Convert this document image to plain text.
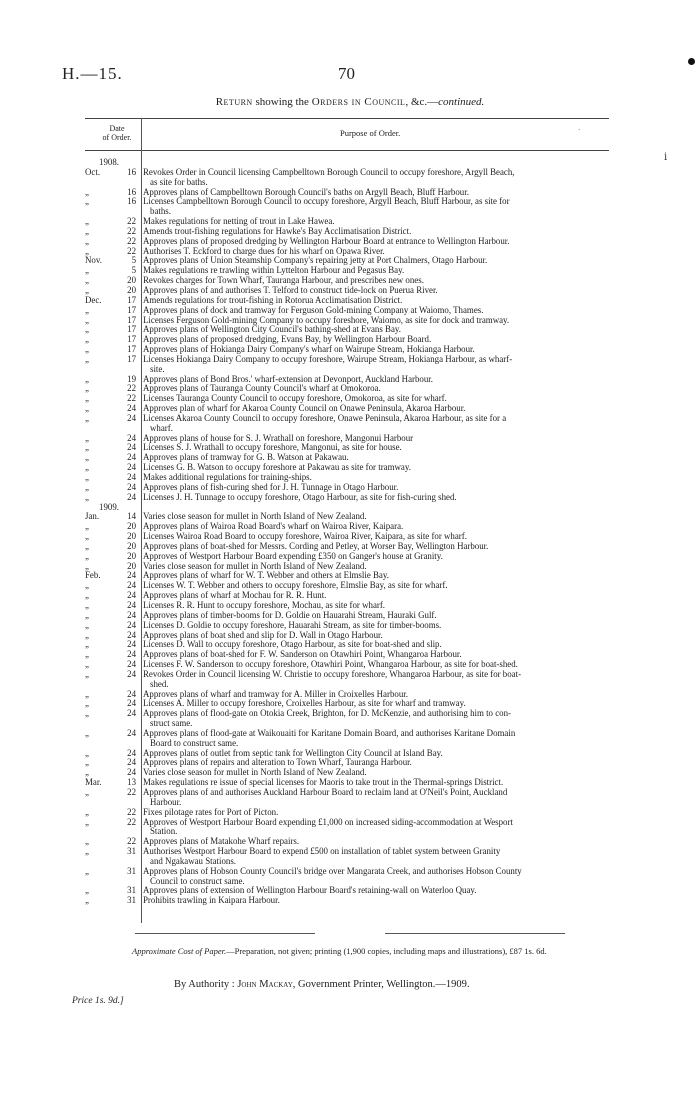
H.—15.	70
Return showing the Orders in Council, &c.—continued.
Date
of Order.	Purpose of Order.	·
ⅰ
1908.
Oct.	16 Revokes Order in Council licensing Campbelltown Borough Council to occupy foreshore, Argyll Beach,
as site for baths.
„	16 Approves plans of Campbelltown Borough Council's baths on Argyll Beach, Bluff Harbour.
„	16 Licenses Campbelltown Borough Council to occupy foreshore, Argyll Beach, Bluff Harbour, as site for
baths.
„	22 Makes regulations for netting of trout in Lake Hawea.
„	22 Amends trout-fishing regulations for Hawke's Bay Acclimatisation District.
„	22 Approves plans of proposed dredging by Wellington Harbour Board at entrance to Wellington Harbour.
„	22 Authorises T. Eckford to charge dues for his wharf on Opawa River.
Nov.	5 Approves plans of Union Steamship Company's repairing jetty at Port Chalmers, Otago Harbour.
„	5 Makes regulations re trawling within Lyttelton Harbour and Pegasus Bay.
„	20 Revokes charges for Town Wharf, Tauranga Harbour, and prescribes new ones.
„	20 Approves plans of and authorises T. Telford to construct tide-lock on Puerua River.
Dec.	17 Amends regulations for trout-fishing in Rotorua Acclimatisation District.
„	17 Approves plans of dock and tramway for Ferguson Gold-mining Company at Waiomo, Thames.
„	17 Licenses Ferguson Gold-mining Company to occupy foreshore, Waiomo, as site for dock and tramway.
„	17 Approves plans of Wellington City Council's bathing-shed at Evans Bay.
„	17 Approves plans of proposed dredging, Evans Bay, by Wellington Harbour Board.
„	17 Approves plans of Hokianga Dairy Company's wharf on Wairupe Stream, Hokianga Harbour.
„	17 Licenses Hokianga Dairy Company to occupy foreshore, Wairupe Stream, Hokianga Harbour, as wharf-
site.
„	19 Approves plans of Bond Bros.' wharf-extension at Devonport, Auckland Harbour.
„	22 Approves plans of Tauranga County Council's wharf at Omokoroa.
„	22 Licenses Tauranga County Council to occupy foreshore, Omokoroa, as site for wharf.
„	24 Approves plan of wharf for Akaroa County Council on Onawe Peninsula, Akaroa Harbour.
„	24 Licenses Akaroa County Council to occupy foreshore, Onawe Peninsula, Akaroa Harbour, as site for a
wharf.
„	24 Approves plans of house for S. J. Wrathall on foreshore, Mangonui Harbour
„	24 Licenses S. J. Wrathall to occupy foreshore, Mangonui, as site for house.
„	24 Approves plans of tramway for G. B. Watson at Pakawau.
„	24 Licenses G. B. Watson to occupy foreshore at Pakawau as site for tramway.
„	24 Makes additional regulations for training-ships.
„	24 Approves plans of fish-curing shed for J. H. Tunnage in Otago Harbour.
„	24 Licenses J. H. Tunnage to occupy foreshore, Otago Harbour, as site for fish-curing shed.
1909.
Jan.	14 Varies close season for mullet in North Island of New Zealand.
„	20 Approves plans of Wairoa Road Board's wharf on Wairoa River, Kaipara.
„	20 Licenses Wairoa Road Board to occupy foreshore, Wairoa River, Kaipara, as site for wharf.
„	20 Approves plans of boat-shed for Messrs. Cording and Petley, at Worser Bay, Wellington Harbour.
„	20 Approves of Westport Harbour Board expending £350 on Ganger's house at Granity.
„	20 Varies close season for mullet in North Island of New Zealand.
Feb.	24 Approves plans of wharf for W. T. Webber and others at Elmslie Bay.
„	24 Licenses W. T. Webber and others to occupy foreshore, Elmslie Bay, as site for wharf.
„	24 Approves plans of wharf at Mochau for R. R. Hunt.
„	24 Licenses R. R. Hunt to occupy foreshore, Mochau, as site for wharf.
„	24 Approves plans of timber-booms for D. Goldie on Hauarahi Stream, Hauraki Gulf.
„	24 Licenses D. Goldie to occupy foreshore, Hauarahi Stream, as site for timber-booms.
„	24 Approves plans of boat shed and slip for D. Wall in Otago Harbour.
„	24 Licenses D. Wall to occupy foreshore, Otago Harbour, as site for boat-shed and slip.
„	24 Approves plans of boat-shed for F. W. Sanderson on Otawhiri Point, Whangaroa Harbour.
„	24 Licenses F. W. Sanderson to occupy foreshore, Otawhiri Point, Whangaroa Harbour, as site for boat-shed.
„	24 Revokes Order in Council licensing W. Christie to occupy foreshore, Whangaroa Harbour, as site for boat-
shed.
„	24 Approves plans of wharf and tramway for A. Miller in Croixelles Harbour.
„	24 Licenses A. Miller to occupy foreshore, Croixelles Harbour, as site for wharf and tramway.
„	24 Approves plans of flood-gate on Otokia Creek, Brighton, for D. McKenzie, and authorising him to con-
struct same.
„	24 Approves plans of flood-gate at Waikouaiti for Karitane Domain Board, and authorises Karitane Domain
Board to construct same.
„	24 Approves plans of outlet from septic tank for Wellington City Council at Island Bay.
„	24 Approves plans of repairs and alteration to Town Wharf, Tauranga Harbour.
„	24 Varies close season for mullet in North Island of New Zealand.
Mar.	13 Makes regulations re issue of special licenses for Maoris to take trout in the Thermal-springs District.
„	22 Approves plans of and authorises Auckland Harbour Board to reclaim land at O'Neil's Point, Auckland
Harbour.
„	22 Fixes pilotage rates for Port of Picton.
„	22 Approves of Westport Harbour Board expending £1,000 on increased siding-accommodation at Wesport
Station.
„	22 Approves plans of Matakohe Wharf repairs.
„	31 Authorises Westport Harbour Board to expend £500 on installation of tablet system between Granity
and Ngakawau Stations.
„	31 Approves plans of Hobson County Council's bridge over Mangarata Creek, and authorises Hobson County
Council to construct same.
„	31 Approves plans of extension of Wellington Harbour Board's retaining-wall on Waterloo Quay.
„	31 Prohibits trawling in Kaipara Harbour.
Approximate Cost of Paper.—Preparation, not given; printing (1,900 copies, including maps and illustrations), £87 1s. 6d.
By Authority : John Mackay, Government Printer, Wellington.—1909.
Price 1s. 9d.]
